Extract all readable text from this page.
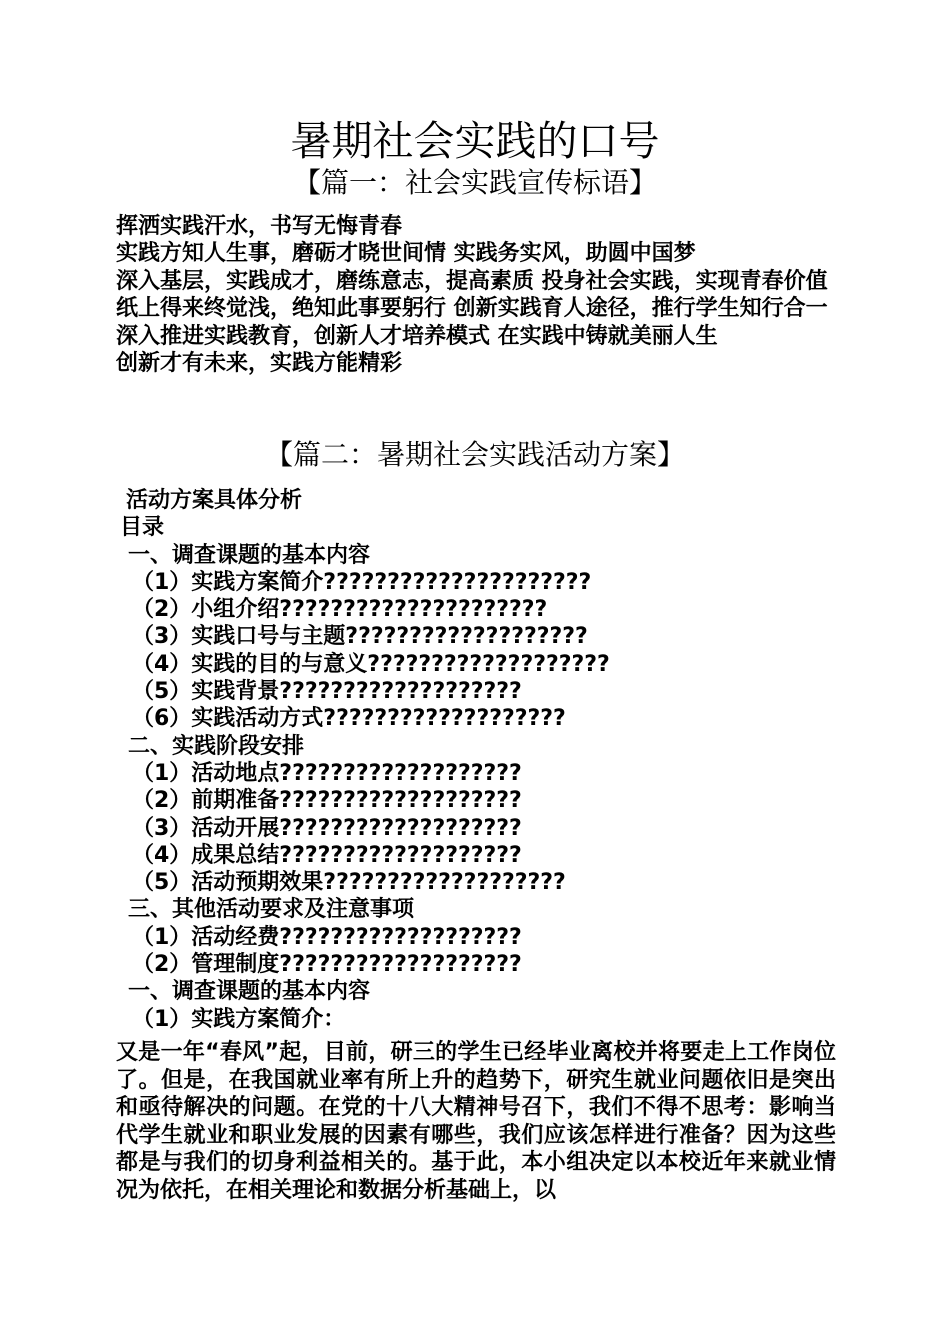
暑期社会实践的口号
【篇一：社会实践宣传标语】

挥洒实践汗水，书写无悔青春

实践方知人生事，磨砺才晓世间情 实践务实风，助圆中国梦

深入基层，实践成才，磨练意志，提高素质 投身社会实践，实现青春价值

纸上得来终觉浅，绝知此事要躬行 创新实践育人途径，推行学生知行合一 深入推进实践教育，创新人才培养模式 在实践中铸就美丽人生

创新才有未来，实践方能精彩

【篇二：暑期社会实践活动方案】
活动方案具体分析
目录
一、调查课题的基本内容
（1）实践方案简介?????????????????????
（2）小组介绍?????????????????????
（3）实践口号与主题???????????????????
（4）实践的目的与意义???????????????????
（5）实践背景???????????????????
（6）实践活动方式???????????????????
二、实践阶段安排
（1）活动地点???????????????????
（2）前期准备???????????????????
（3）活动开展???????????????????
（4）成果总结???????????????????
（5）活动预期效果???????????????????
三、其他活动要求及注意事项
（1）活动经费???????????????????
（2）管理制度???????????????????
一、调查课题的基本内容
（1）实践方案简介：
又是一年“春风”起，目前，研三的学生已经毕业离校并将要走上工作岗位了。但是，在我国就业率有所上升的趋势下，研究生就业问题依旧是突出和亟待解决的问题。在党的十八大精神号召下，我们不得不思考：影响当代学生就业和职业发展的因素有哪些，我们应该怎样进行准备？因为这些都是与我们的切身利益相关的。基于此，本小组决定以本校近年来就业情况为依托，在相关理论和数据分析基础上，以
